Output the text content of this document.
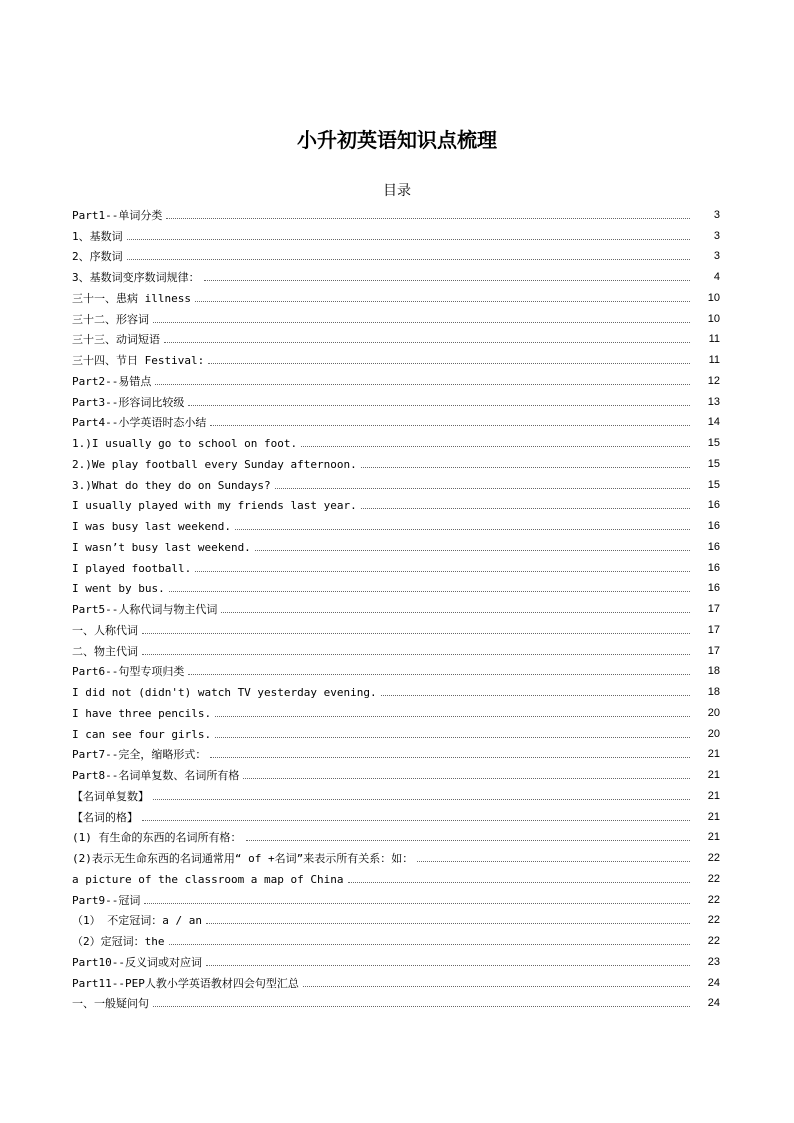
小升初英语知识点梳理
目录
Part1--单词分类	3
1、基数词	3
2、序数词	3
3、基数词变序数词规律：	4
三十一、患病 illness	10
三十二、形容词	10
三十三、动词短语	11
三十四、节日 Festival:	11
Part2--易错点	12
Part3--形容词比较级	13
Part4--小学英语时态小结	14
1.)I usually go to school on foot.	15
2.)We play football every Sunday afternoon.	15
3.)What do they do on Sundays?	15
I usually played with my friends last year.	16
I was busy last weekend.	16
I wasn’t busy last weekend.	16
I played football.	16
I went by bus.	16
Part5--人称代词与物主代词	17
一、人称代词	17
二、物主代词	17
Part6--句型专项归类	18
I did not (didn't) watch TV yesterday evening.	18
I have three pencils.	20
I can see four girls.	20
Part7--完全，缩略形式：	21
Part8--名词单复数、名词所有格	21
【名词单复数】	21
【名词的格】	21
(1) 有生命的东西的名词所有格：	21
(2)表示无生命东西的名词通常用“ of +名词”来表示所有关系：如：	22
a picture of the classroom a map of China	22
Part9--冠词	22
（1） 不定冠词：a / an	22
（2）定冠词：the	22
Part10--反义词或对应词	23
Part11--PEP人教小学英语教材四会句型汇总	24
一、一般疑问句	24
